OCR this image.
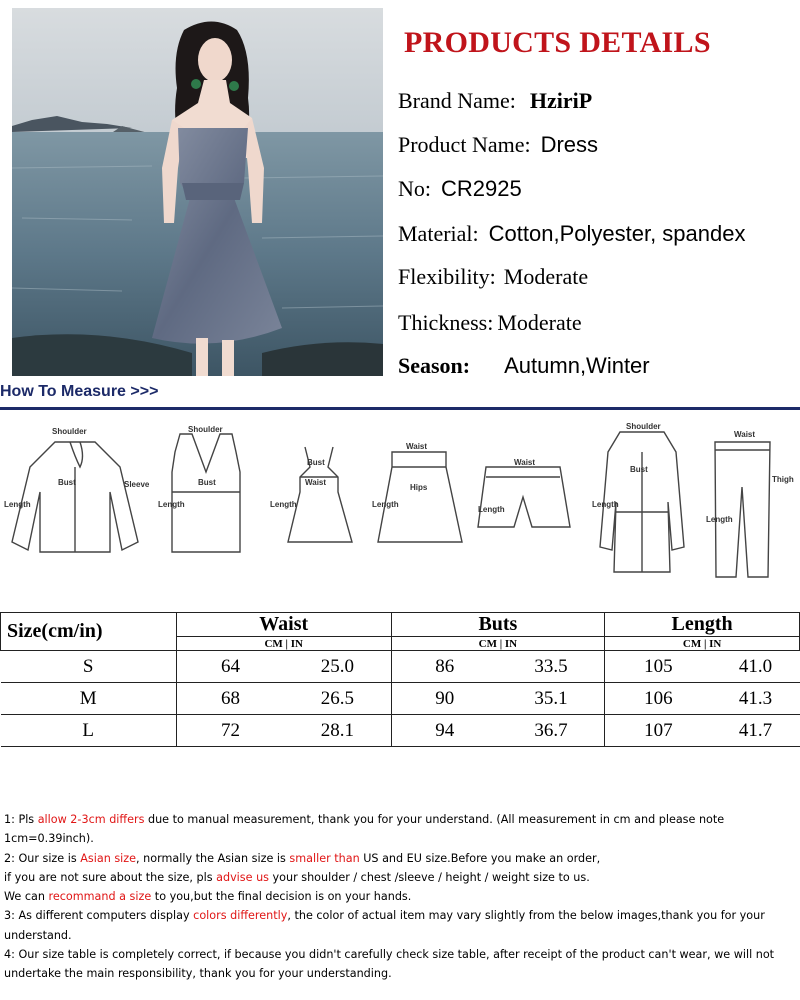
PRODUCTS DETAILS
Brand Name: HziriP
Product Name: Dress
No: CR2925
Material: Cotton,Polyester, spandex
Flexibility: Moderate
Thickness: Moderate
Season: Autumn,Winter
How To Measure >>>
Shoulder
Bust	Sleeve
Length
Shoulder
Bust
Length
Bust
Waist
Length
Waist
Hips
Length
Waist
Length
Shoulder
Bust
Length
Waist
Thigh
Length
Size(cm/in)	Waist		Buts		Length	
	CM | IN		CM | IN		CM | IN	
S	64	25.0	86	33.5	105	41.0
M	68	26.5	90	35.1	106	41.3
L	72	28.1	94	36.7	107	41.7

1: Pls allow 2-3cm differs due to manual measurement, thank you for your understand. (All measurement in cm and please note 1cm=0.39inch).

2: Our size is Asian size, normally the Asian size is smaller than US and EU size.Before you make an order,

if you are not sure about the size, pls advise us your shoulder / chest /sleeve / height / weight size to us.

We can recommand a size to you,but the final decision is on your hands.

3: As different computers display colors differently, the color of actual item may vary slightly from the below images,thank you for your understand.

4: Our size table is completely correct, if because you didn't carefully check size table, after receipt of the product can't wear, we will not undertake the main responsibility, thank you for your understanding.
